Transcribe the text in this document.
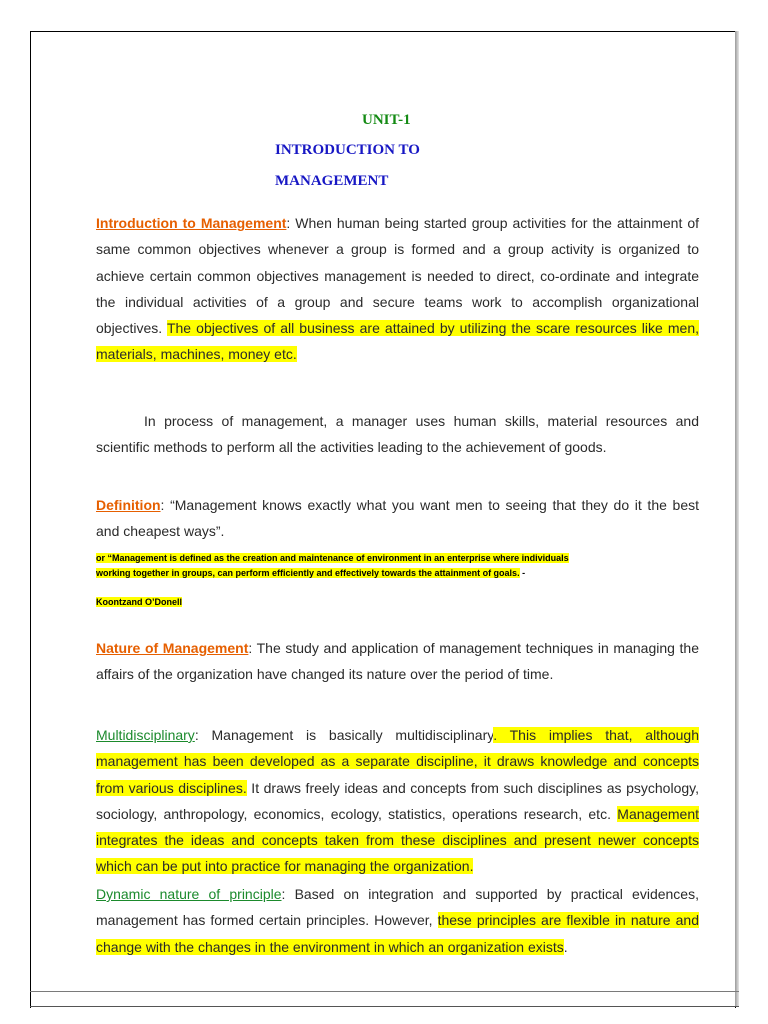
UNIT-1
INTRODUCTION TO
MANAGEMENT

Introduction to Management: When human being started group activities for the attainment of same common objectives whenever a group is formed and a group activity is organized to achieve certain common objectives management is needed to direct, co-ordinate and integrate the individual activities of a group and secure teams work to accomplish organizational objectives. The objectives of all business are attained by utilizing the scare resources like men, materials, machines, money etc.

In process of management, a manager uses human skills, material resources and scientific methods to perform all the activities leading to the achievement of goods.

Definition: “Management knows exactly what you want men to seeing that they do it the best and cheapest ways”.

or “Management is defined as the creation and maintenance of environment in an enterprise where individuals
working together in groups, can perform efficiently and effectively towards the attainment of goals. -

Koontzand O’Donell

Nature of Management: The study and application of management techniques in managing the affairs of the organization have changed its nature over the period of time.

Multidisciplinary: Management is basically multidisciplinary. This implies that, although management has been developed as a separate discipline, it draws knowledge and concepts from various disciplines. It draws freely ideas and concepts from such disciplines as psychology, sociology, anthropology, economics, ecology, statistics, operations research, etc. Management integrates the ideas and concepts taken from these disciplines and present newer concepts which can be put into practice for managing the organization.

Dynamic nature of principle: Based on integration and supported by practical evidences, management has formed certain principles. However, these principles are flexible in nature and change with the changes in the environment in which an organization exists.
